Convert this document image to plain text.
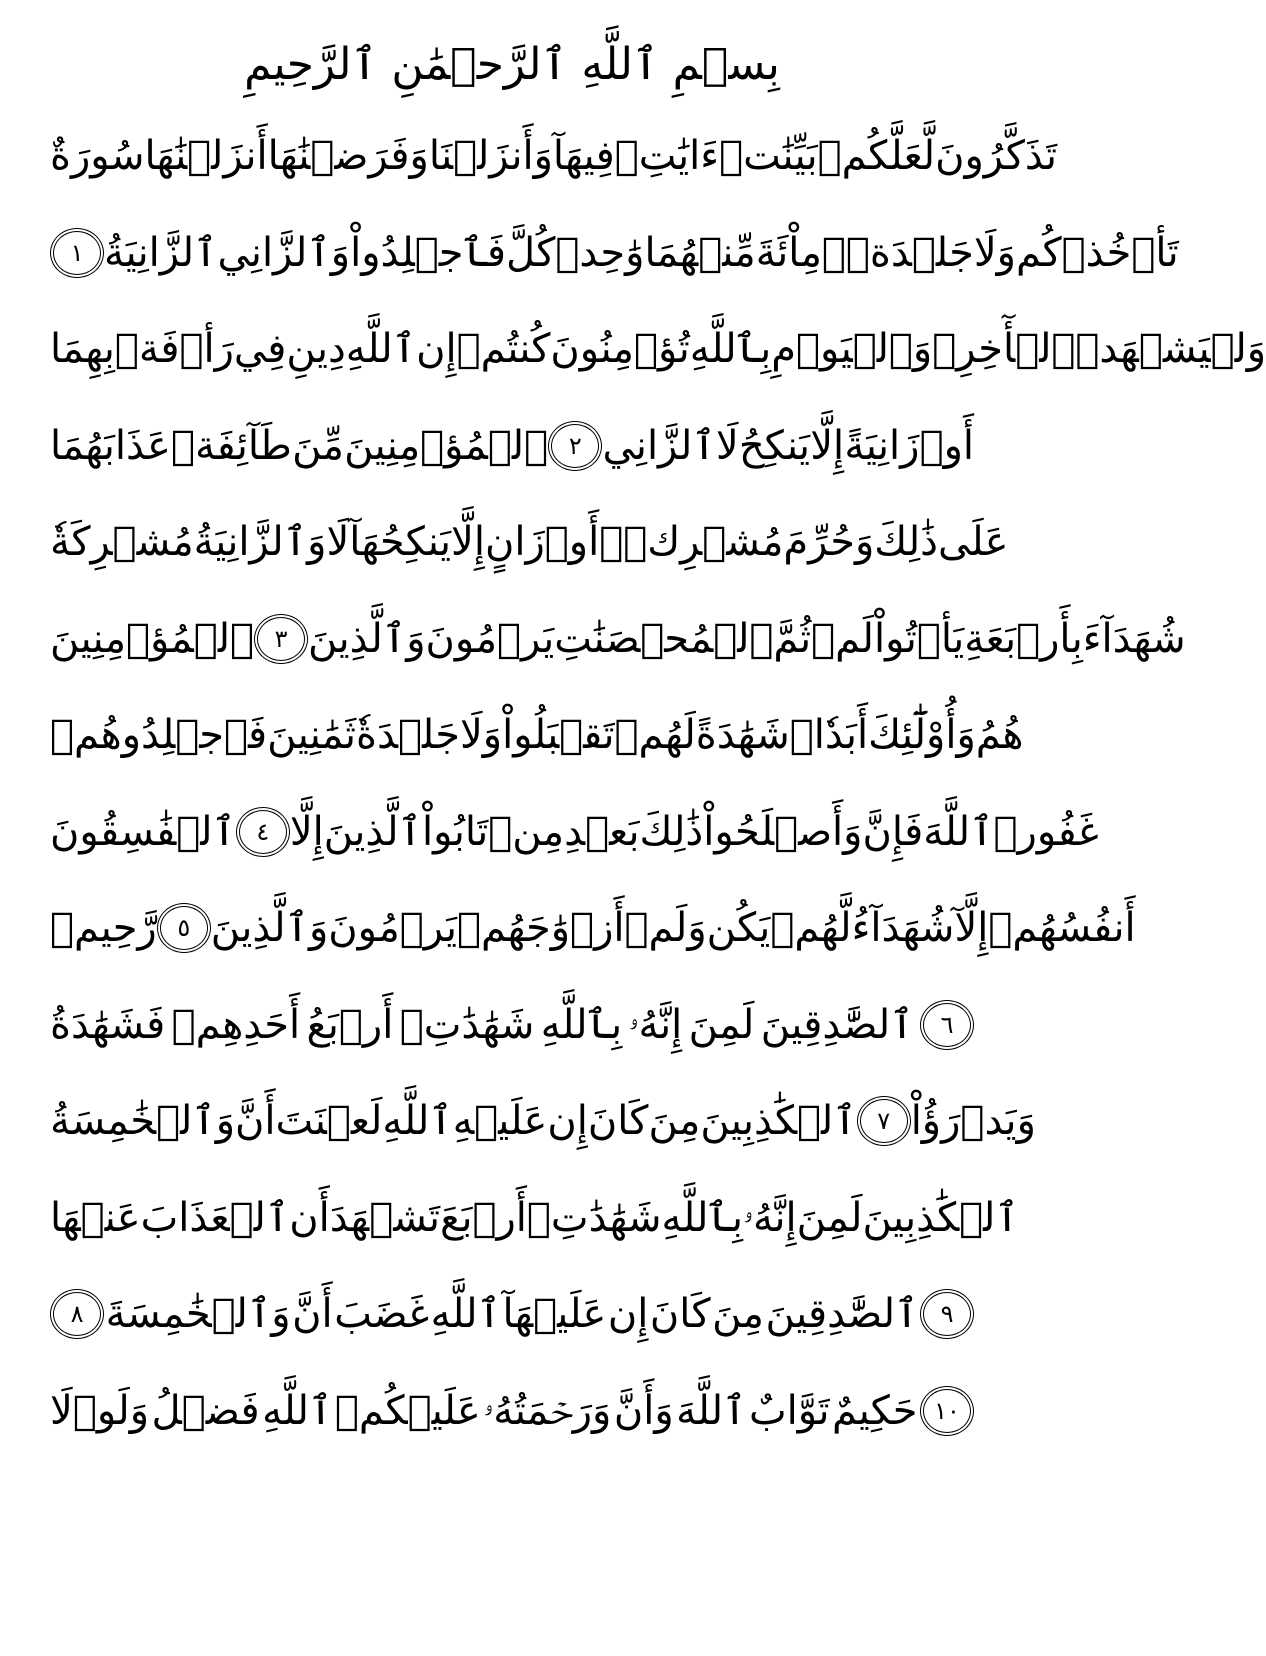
بِسۡمِ ٱللَّهِ ٱلرَّحۡمَٰنِ ٱلرَّحِيمِ
سُورَةٌ أَنزَلۡنَٰهَا وَفَرَضۡنَٰهَا وَأَنزَلۡنَا فِيهَآ ءَايَٰتِۭ بَيِّنَٰتٖ لَّعَلَّكُمۡ تَذَكَّرُونَ
١ ٱلزَّانِيَةُ وَٱلزَّانِي فَٱجۡلِدُواْ كُلَّ وَٰحِدٖ مِّنۡهُمَا مِاْئَةَ جَلۡدَةٖۖ وَلَا تَأۡخُذۡكُم
بِهِمَا رَأۡفَةٞ فِي دِينِ ٱللَّهِ إِن كُنتُمۡ تُؤۡمِنُونَ بِٱللَّهِ وَٱلۡيَوۡمِ ٱلۡأٓخِرِۖ وَلۡيَشۡهَدۡ
عَذَابَهُمَا طَآئِفَةٞ مِّنَ ٱلۡمُؤۡمِنِينَ ٢ ٱلزَّانِي لَا يَنكِحُ إِلَّا زَانِيَةً أَوۡ
مُشۡرِكَةٗ وَٱلزَّانِيَةُ لَا يَنكِحُهَآ إِلَّا زَانٍ أَوۡ مُشۡرِكٞۚ وَحُرِّمَ ذَٰلِكَ عَلَى
ٱلۡمُؤۡمِنِينَ ٣ وَٱلَّذِينَ يَرۡمُونَ ٱلۡمُحۡصَنَٰتِ ثُمَّ لَمۡ يَأۡتُواْ بِأَرۡبَعَةِ شُهَدَآءَ
فَٱجۡلِدُوهُمۡ ثَمَٰنِينَ جَلۡدَةٗ وَلَا تَقۡبَلُواْ لَهُمۡ شَهَٰدَةً أَبَدٗاۚ وَأُوْلَٰٓئِكَ هُمُ
ٱلۡفَٰسِقُونَ ٤ إِلَّا ٱلَّذِينَ تَابُواْ مِنۢ بَعۡدِ ذَٰلِكَ وَأَصۡلَحُواْ فَإِنَّ ٱللَّهَ غَفُورٞ
رَّحِيمٞ ٥ وَٱلَّذِينَ يَرۡمُونَ أَزۡوَٰجَهُمۡ وَلَمۡ يَكُن لَّهُمۡ شُهَدَآءُ إِلَّآ أَنفُسُهُمۡ
فَشَهَٰدَةُ أَحَدِهِمۡ أَرۡبَعُ شَهَٰدَٰتِۭ بِٱللَّهِ إِنَّهُۥ لَمِنَ ٱلصَّٰدِقِينَ	٦
وَٱلۡخَٰمِسَةُ أَنَّ لَعۡنَتَ ٱللَّهِ عَلَيۡهِ إِن كَانَ مِنَ ٱلۡكَٰذِبِينَ ٧ وَيَدۡرَؤُاْ
عَنۡهَا ٱلۡعَذَابَ أَن تَشۡهَدَ أَرۡبَعَ شَهَٰدَٰتِۭ بِٱللَّهِ إِنَّهُۥ لَمِنَ ٱلۡكَٰذِبِينَ
٨ وَٱلۡخَٰمِسَةَ أَنَّ غَضَبَ ٱللَّهِ عَلَيۡهَآ إِن كَانَ مِنَ ٱلصَّٰدِقِينَ ٩
وَلَوۡلَا فَضۡلُ ٱللَّهِ عَلَيۡكُمۡ وَرَحۡمَتُهُۥ وَأَنَّ ٱللَّهَ تَوَّابٌ حَكِيمٌ ١٠
